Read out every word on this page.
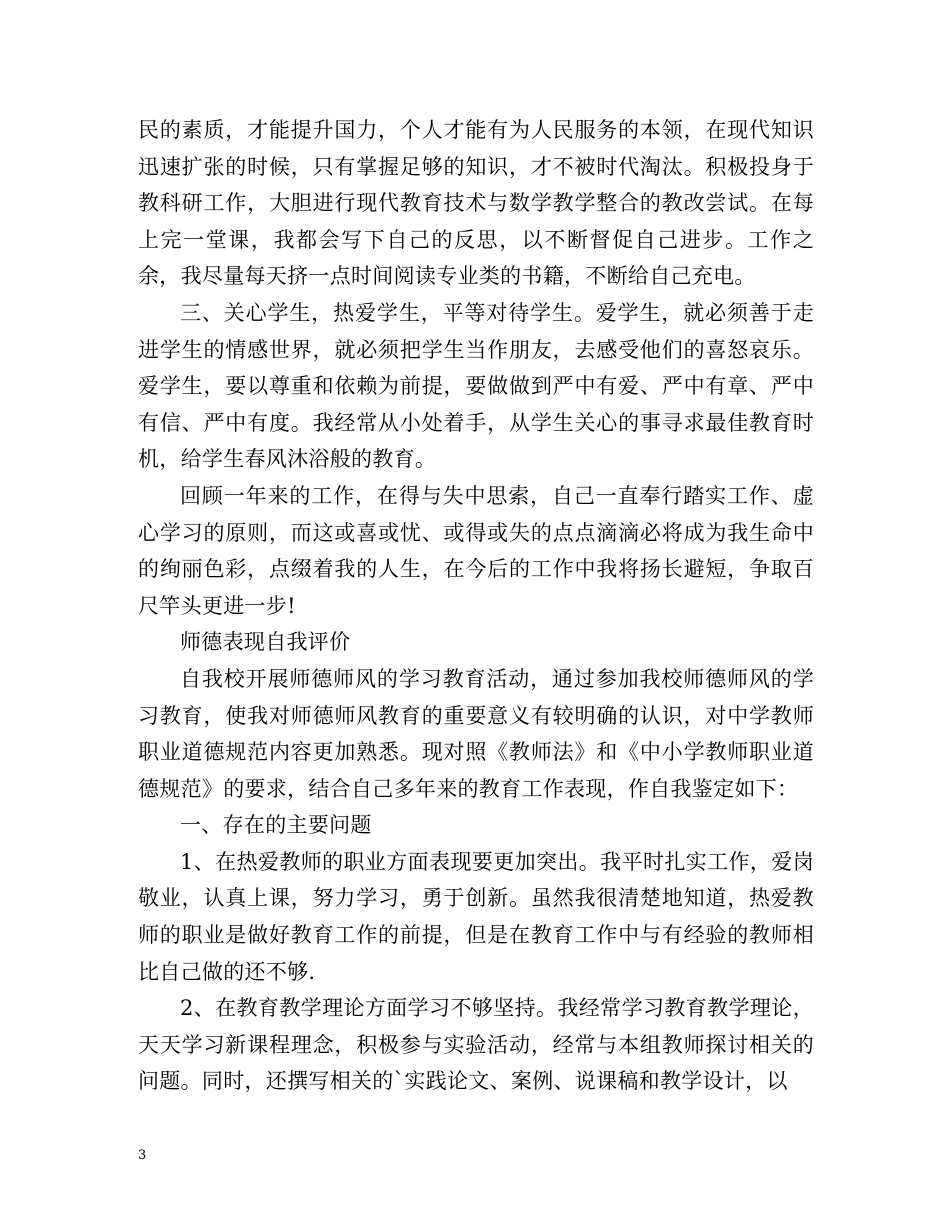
民的素质，才能提升国力，个人才能有为人民服务的本领，在现代知识迅速扩张的时候，只有掌握足够的知识，才不被时代淘汰。积极投身于教科研工作，大胆进行现代教育技术与数学教学整合的教改尝试。在每上完一堂课，我都会写下自己的反思，以不断督促自己进步。工作之余，我尽量每天挤一点时间阅读专业类的书籍，不断给自己充电。

三、关心学生，热爱学生，平等对待学生。爱学生，就必须善于走进学生的情感世界，就必须把学生当作朋友，去感受他们的喜怒哀乐。爱学生，要以尊重和依赖为前提，要做做到严中有爱、严中有章、严中有信、严中有度。我经常从小处着手，从学生关心的事寻求最佳教育时机，给学生春风沐浴般的教育。

回顾一年来的工作，在得与失中思索，自己一直奉行踏实工作、虚心学习的原则，而这或喜或忧、或得或失的点点滴滴必将成为我生命中的绚丽色彩，点缀着我的人生，在今后的工作中我将扬长避短，争取百尺竿头更进一步!

师德表现自我评价

自我校开展师德师风的学习教育活动，通过参加我校师德师风的学习教育，使我对师德师风教育的重要意义有较明确的认识，对中学教师职业道德规范内容更加熟悉。现对照《教师法》和《中小学教师职业道德规范》的要求，结合自己多年来的教育工作表现，作自我鉴定如下：

一、存在的主要问题

1、在热爱教师的职业方面表现要更加突出。我平时扎实工作，爱岗敬业，认真上课，努力学习，勇于创新。虽然我很清楚地知道，热爱教师的职业是做好教育工作的前提，但是在教育工作中与有经验的教师相比自己做的还不够.

2、在教育教学理论方面学习不够坚持。我经常学习教育教学理论，天天学习新课程理念，积极参与实验活动，经常与本组教师探讨相关的问题。同时，还撰写相关的`实践论文、案例、说课稿和教学设计，以

3
